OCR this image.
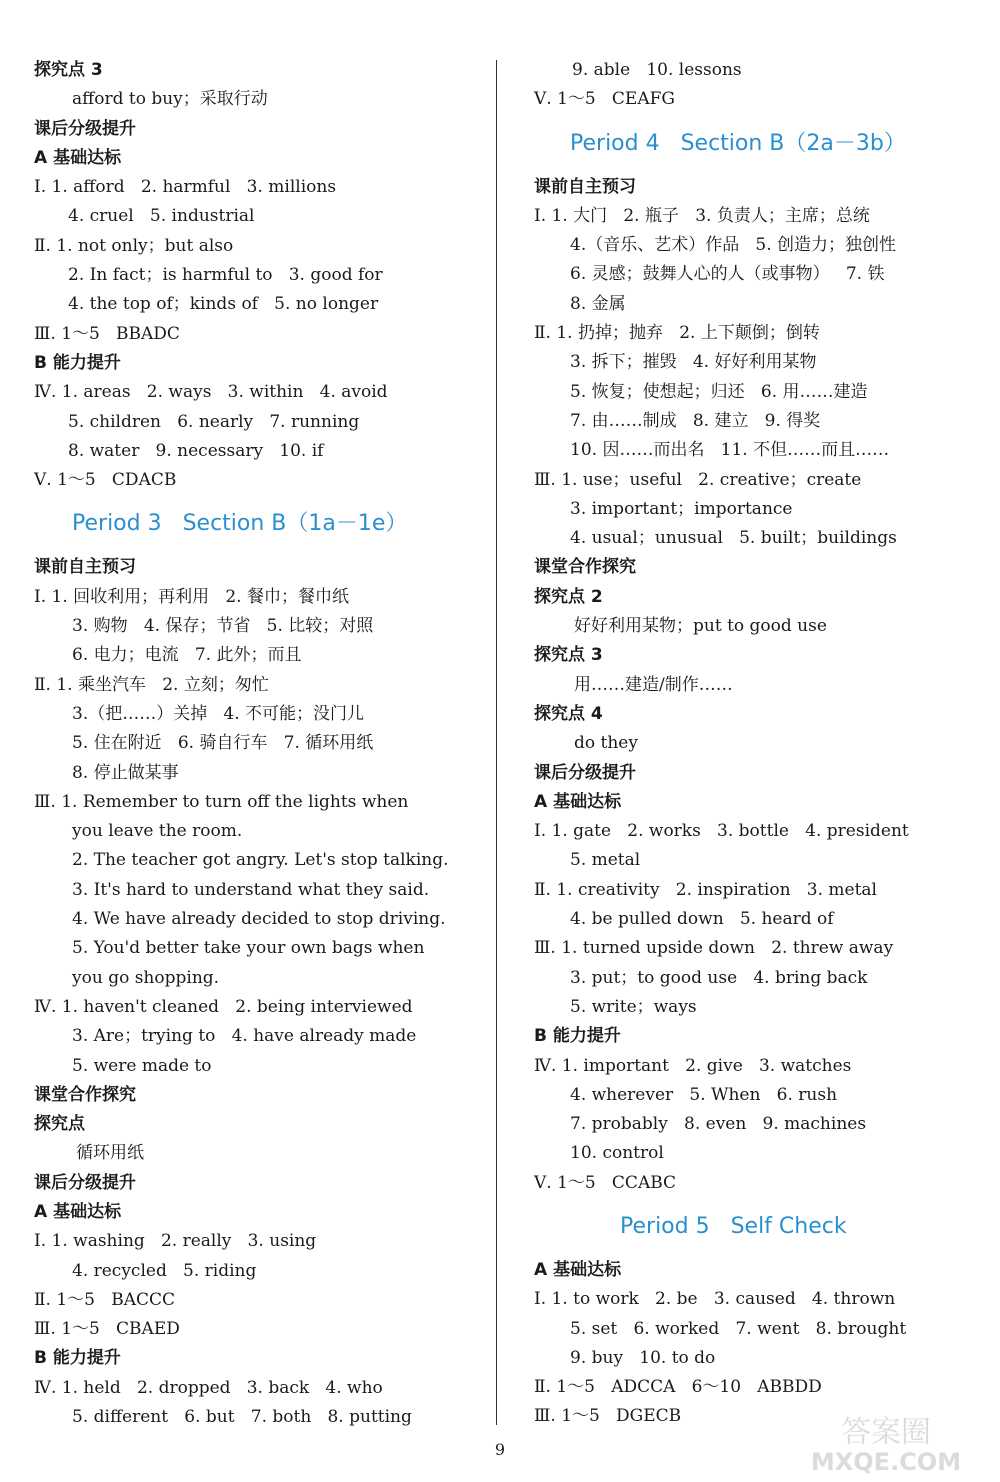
探究点 3
afford to buy；采取行动
课后分级提升
A 基础达标
Ⅰ. 1. afford   2. harmful   3. millions
4. cruel   5. industrial
Ⅱ. 1. not only；but also
2. In fact；is harmful to   3. good for
4. the top of；kinds of   5. no longer
Ⅲ. 1～5   BBADC
B 能力提升
Ⅳ. 1. areas   2. ways   3. within   4. avoid
5. children   6. nearly   7. running
8. water   9. necessary   10. if
Ⅴ. 1～5   CDACB
Period 3   Section B（1a－1e）
课前自主预习
Ⅰ. 1. 回收利用；再利用   2. 餐巾；餐巾纸
3. 购物   4. 保存；节省   5. 比较；对照
6. 电力；电流   7. 此外；而且
Ⅱ. 1. 乘坐汽车   2. 立刻；匆忙
3.（把……）关掉   4. 不可能；没门儿
5. 住在附近   6. 骑自行车   7. 循环用纸
8. 停止做某事
Ⅲ. 1. Remember to turn off the lights when
you leave the room.
2. The teacher got angry. Let's stop talking.
3. It's hard to understand what they said.
4. We have already decided to stop driving.
5. You'd better take your own bags when
you go shopping.
Ⅳ. 1. haven't cleaned   2. being interviewed
3. Are；trying to   4. have already made
5. were made to
课堂合作探究
探究点
循环用纸
课后分级提升
A 基础达标
Ⅰ. 1. washing   2. really   3. using
4. recycled   5. riding
Ⅱ. 1～5   BACCC
Ⅲ. 1～5   CBAED
B 能力提升
Ⅳ. 1. held   2. dropped   3. back   4. who
5. different   6. but   7. both   8. putting
9. able   10. lessons
Ⅴ. 1～5   CEAFG
Period 4   Section B（2a－3b）
课前自主预习
Ⅰ. 1. 大门   2. 瓶子   3. 负责人；主席；总统
4.（音乐、艺术）作品   5. 创造力；独创性
6. 灵感；鼓舞人心的人（或事物）   7. 铁
8. 金属
Ⅱ. 1. 扔掉；抛弃   2. 上下颠倒；倒转
3. 拆下；摧毁   4. 好好利用某物
5. 恢复；使想起；归还   6. 用……建造
7. 由……制成   8. 建立   9. 得奖
10. 因……而出名   11. 不但……而且……
Ⅲ. 1. use；useful   2. creative；create
3. important；importance
4. usual；unusual   5. built；buildings
课堂合作探究
探究点 2
好好利用某物；put to good use
探究点 3
用……建造/制作……
探究点 4
do they
课后分级提升
A 基础达标
Ⅰ. 1. gate   2. works   3. bottle   4. president
5. metal
Ⅱ. 1. creativity   2. inspiration   3. metal
4. be pulled down   5. heard of
Ⅲ. 1. turned upside down   2. threw away
3. put；to good use   4. bring back
5. write；ways
B 能力提升
Ⅳ. 1. important   2. give   3. watches
4. wherever   5. When   6. rush
7. probably   8. even   9. machines
10. control
Ⅴ. 1～5   CCABC
Period 5   Self Check
A 基础达标
Ⅰ. 1. to work   2. be   3. caused   4. thrown
5. set   6. worked   7. went   8. brought
9. buy   10. to do
Ⅱ. 1～5   ADCCA   6～10   ABBDD
Ⅲ. 1～5   DGECB
9	答案圈
MXQE.COM
